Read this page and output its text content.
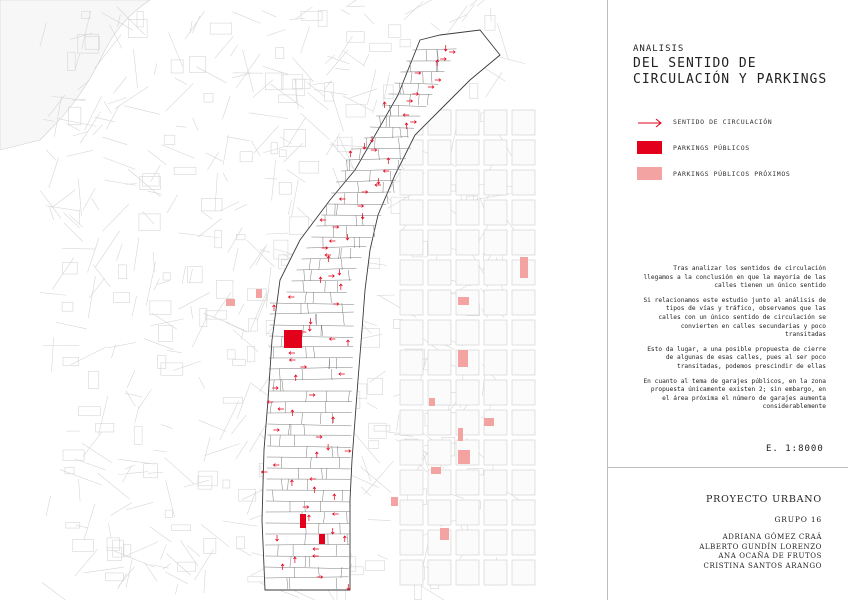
ANALISIS
DEL SENTIDO DE
CIRCULACIÓN Y PARKINGS
SENTIDO DE CIRCULACIÓN
PARKINGS PÚBLICOS
PARKINGS PÚBLICOS PRÓXIMOS

Tras analizar los sentidos de circulación llegamos a la conclusión en que la mayoría de las calles tienen un único sentido

Si relacionamos este estudio junto al análisis de tipos de vías y tráfico, observamos que las calles con un único sentido de circulación se convierten en calles secundarias y poco transitadas

Esto da lugar, a una posible propuesta de cierre de algunas de esas calles, pues al ser poco transitadas, podemos prescindir de ellas

En cuanto al tema de garajes públicos, en la zona propuesta únicamente existen 2; sin embargo, en el área próxima el número de garajes aumenta considerablemente

E. 1:8000
PROYECTO URBANO
GRUPO 16
ADRIANA GÓMEZ CRAÁ
ALBERTO GUNDÍN LORENZO
ANA OCAÑA DE FRUTOS
CRISTINA SANTOS ARANGO
